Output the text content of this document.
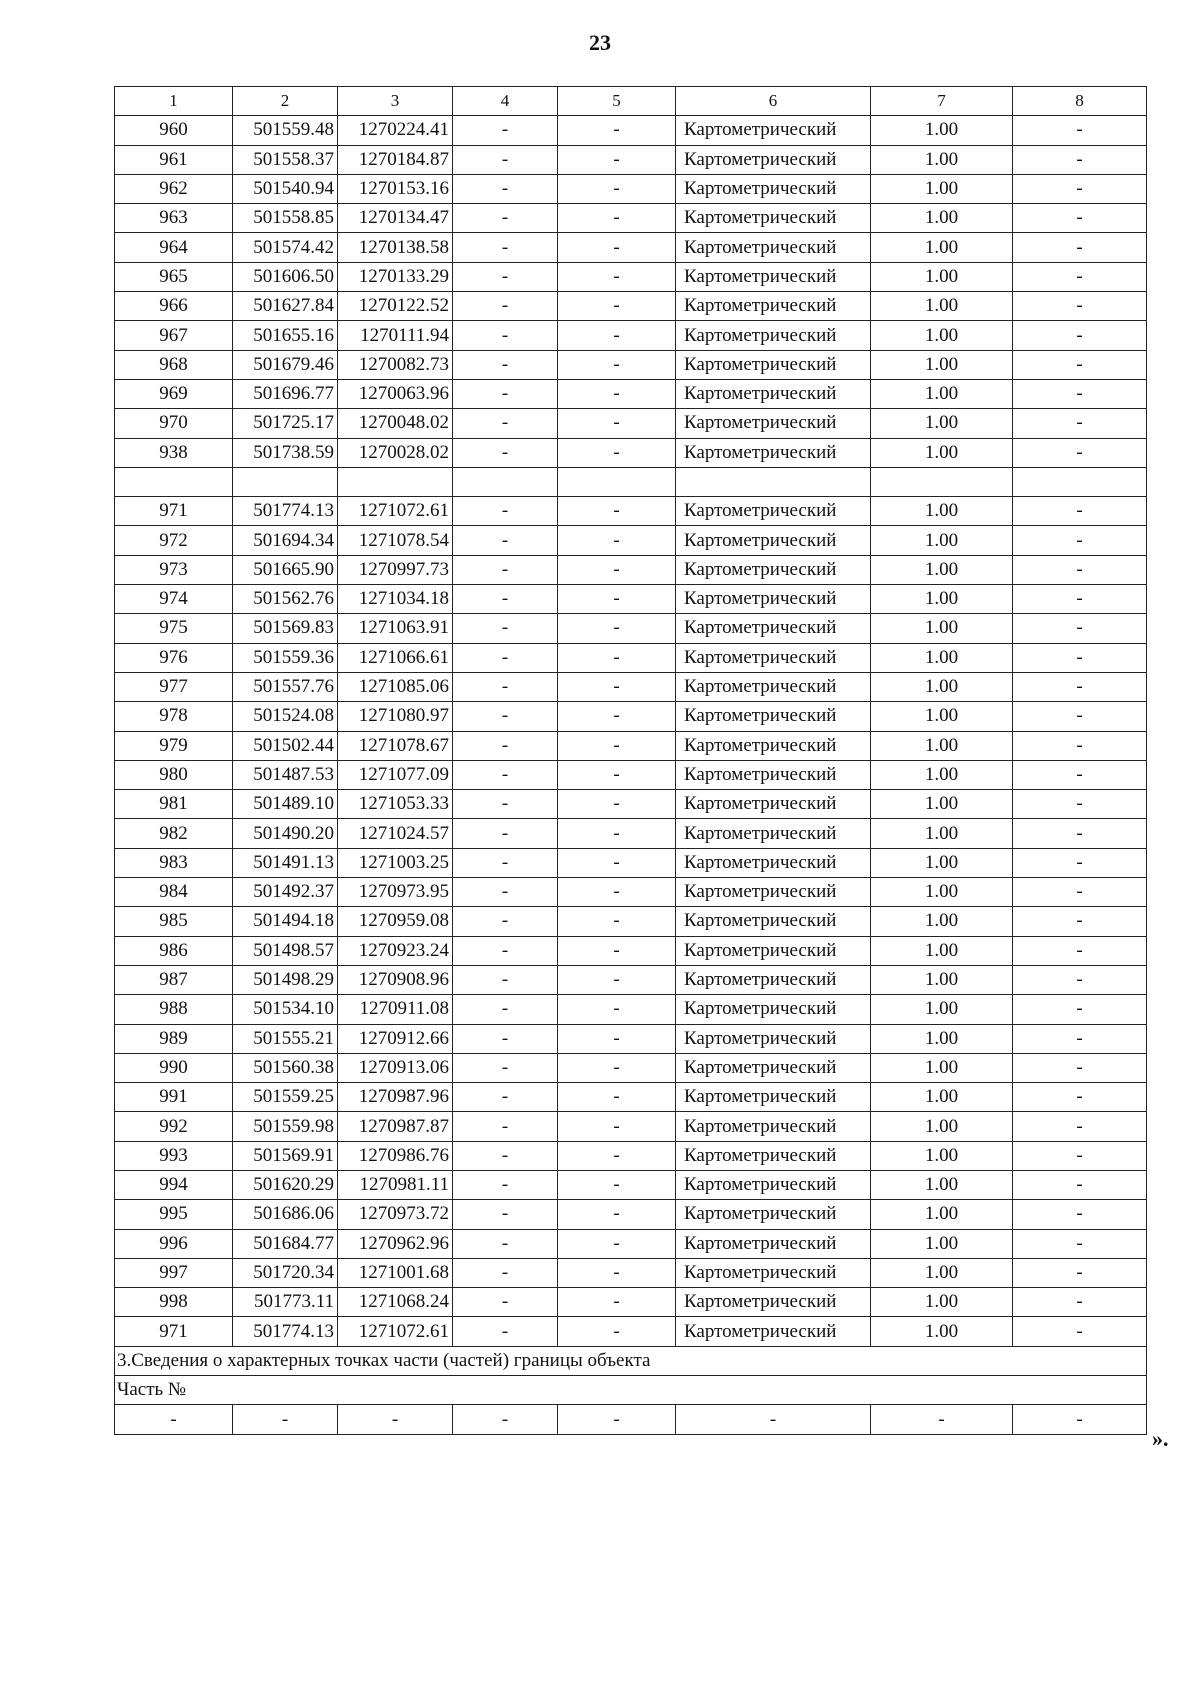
23
1	2	3	4	5	6	7	8
960	501559.48	1270224.41	-	-	Картометрический	1.00	-
961	501558.37	1270184.87	-	-	Картометрический	1.00	-
962	501540.94	1270153.16	-	-	Картометрический	1.00	-
963	501558.85	1270134.47	-	-	Картометрический	1.00	-
964	501574.42	1270138.58	-	-	Картометрический	1.00	-
965	501606.50	1270133.29	-	-	Картометрический	1.00	-
966	501627.84	1270122.52	-	-	Картометрический	1.00	-
967	501655.16	1270111.94	-	-	Картометрический	1.00	-
968	501679.46	1270082.73	-	-	Картометрический	1.00	-
969	501696.77	1270063.96	-	-	Картометрический	1.00	-
970	501725.17	1270048.02	-	-	Картометрический	1.00	-
938	501738.59	1270028.02	-	-	Картометрический	1.00	-

971	501774.13	1271072.61	-	-	Картометрический	1.00	-
972	501694.34	1271078.54	-	-	Картометрический	1.00	-
973	501665.90	1270997.73	-	-	Картометрический	1.00	-
974	501562.76	1271034.18	-	-	Картометрический	1.00	-
975	501569.83	1271063.91	-	-	Картометрический	1.00	-
976	501559.36	1271066.61	-	-	Картометрический	1.00	-
977	501557.76	1271085.06	-	-	Картометрический	1.00	-
978	501524.08	1271080.97	-	-	Картометрический	1.00	-
979	501502.44	1271078.67	-	-	Картометрический	1.00	-
980	501487.53	1271077.09	-	-	Картометрический	1.00	-
981	501489.10	1271053.33	-	-	Картометрический	1.00	-
982	501490.20	1271024.57	-	-	Картометрический	1.00	-
983	501491.13	1271003.25	-	-	Картометрический	1.00	-
984	501492.37	1270973.95	-	-	Картометрический	1.00	-
985	501494.18	1270959.08	-	-	Картометрический	1.00	-
986	501498.57	1270923.24	-	-	Картометрический	1.00	-
987	501498.29	1270908.96	-	-	Картометрический	1.00	-
988	501534.10	1270911.08	-	-	Картометрический	1.00	-
989	501555.21	1270912.66	-	-	Картометрический	1.00	-
990	501560.38	1270913.06	-	-	Картометрический	1.00	-
991	501559.25	1270987.96	-	-	Картометрический	1.00	-
992	501559.98	1270987.87	-	-	Картометрический	1.00	-
993	501569.91	1270986.76	-	-	Картометрический	1.00	-
994	501620.29	1270981.11	-	-	Картометрический	1.00	-
995	501686.06	1270973.72	-	-	Картометрический	1.00	-
996	501684.77	1270962.96	-	-	Картометрический	1.00	-
997	501720.34	1271001.68	-	-	Картометрический	1.00	-
998	501773.11	1271068.24	-	-	Картометрический	1.00	-
971	501774.13	1271072.61	-	-	Картометрический	1.00	-
3.Сведения о характерных точках части (частей) границы объекта							
Часть №							
-	-	-	-	-	-	-	-
».
